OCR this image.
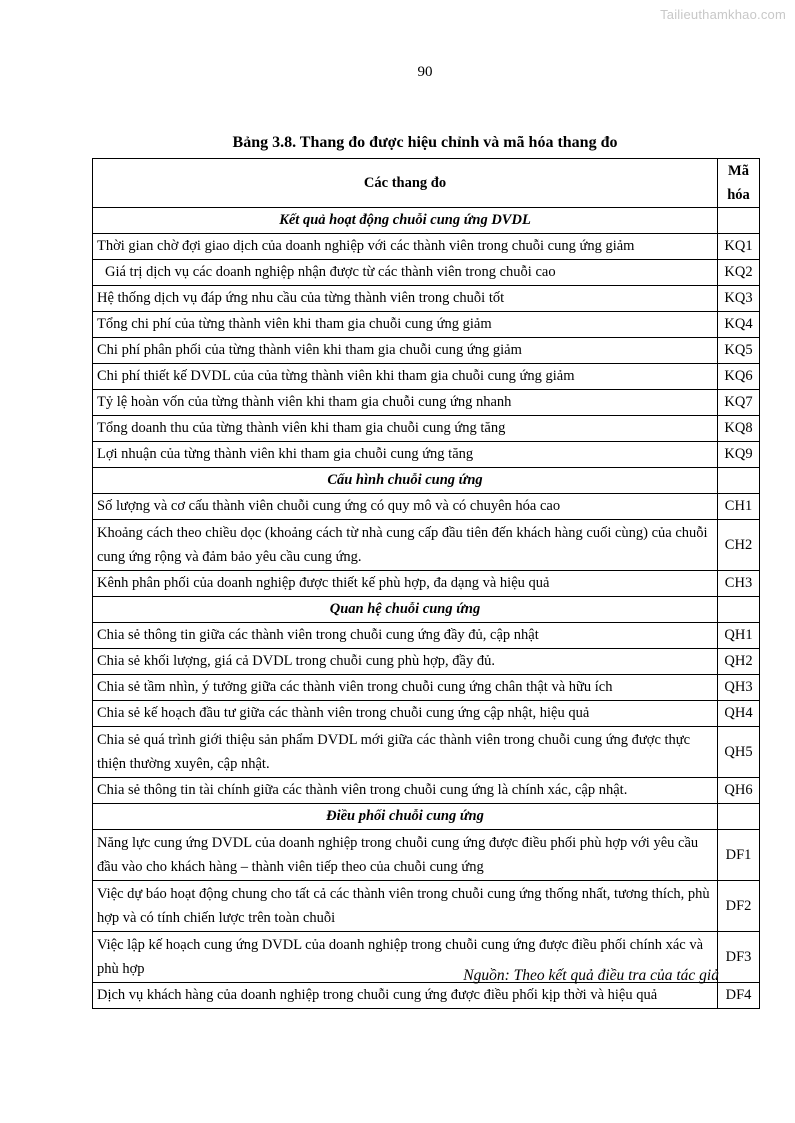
Tailieuthamkhao.com
90
Bảng 3.8. Thang đo được hiệu chỉnh và mã hóa thang đo
Các thang đo	Mã hóa
Kết quả hoạt động chuỗi cung ứng DVDL	
Thời gian chờ đợi giao dịch của doanh nghiệp với các thành viên trong chuỗi cung ứng giảm	KQ1
Giá trị dịch vụ các doanh nghiệp nhận được từ các thành viên trong chuỗi cao	KQ2
Hệ thống dịch vụ đáp ứng nhu cầu của từng thành viên trong chuỗi tốt	KQ3
Tổng chi phí của từng thành viên khi tham gia chuỗi cung ứng giảm	KQ4
Chi phí phân phối của từng thành viên khi tham gia chuỗi cung ứng giảm	KQ5
Chi phí thiết kế DVDL của của từng thành viên khi tham gia chuỗi cung ứng giảm	KQ6
Tỷ lệ hoàn vốn của từng thành viên khi tham gia chuỗi cung ứng nhanh	KQ7
Tổng doanh thu của từng thành viên khi tham gia chuỗi cung ứng tăng	KQ8
Lợi nhuận của từng thành viên khi tham gia chuỗi cung ứng tăng	KQ9
Cấu hình chuỗi cung ứng	
Số lượng và cơ cấu thành viên chuỗi cung ứng có quy mô và có chuyên hóa cao	CH1
Khoảng cách theo chiều dọc (khoảng cách từ nhà cung cấp đầu tiên đến khách hàng cuối cùng) của chuỗi cung ứng rộng và đảm bảo yêu cầu cung ứng.	CH2
Kênh phân phối của doanh nghiệp được thiết kế phù hợp, đa dạng và hiệu quả	CH3
Quan hệ chuỗi cung ứng	
Chia sẻ thông tin giữa các thành viên trong chuỗi cung ứng đầy đủ, cập nhật	QH1
Chia sẻ khối lượng, giá cả DVDL trong chuỗi cung phù hợp, đầy đủ.	QH2
Chia sẻ tầm nhìn, ý tưởng giữa các thành viên trong chuỗi cung ứng chân thật và hữu ích	QH3
Chia sẻ kế hoạch đầu tư giữa các thành viên trong chuỗi cung ứng cập nhật, hiệu quả	QH4
Chia sẻ quá trình giới thiệu sản phẩm DVDL mới giữa các thành viên trong chuỗi cung ứng được thực thiện thường xuyên, cập nhật.	QH5
Chia sẻ thông tin tài chính giữa các thành viên trong chuỗi cung ứng là chính xác, cập nhật.	QH6
Điều phối chuỗi cung ứng	
Năng lực cung ứng DVDL của doanh nghiệp trong chuỗi cung ứng được điều phối phù hợp với yêu cầu đầu vào cho khách hàng – thành viên tiếp theo của chuỗi cung ứng	DF1
Việc dự báo hoạt động chung cho tất cả các thành viên trong chuỗi cung ứng thống nhất, tương thích, phù hợp và có tính chiến lược trên toàn chuỗi	DF2
Việc lập kế hoạch cung ứng DVDL của doanh nghiệp trong chuỗi cung ứng được điều phối chính xác và phù hợp	DF3
Dịch vụ khách hàng của doanh nghiệp trong chuỗi cung ứng được điều phối kịp thời và hiệu quả	DF4
Nguồn: Theo kết quả điều tra của tác giả
